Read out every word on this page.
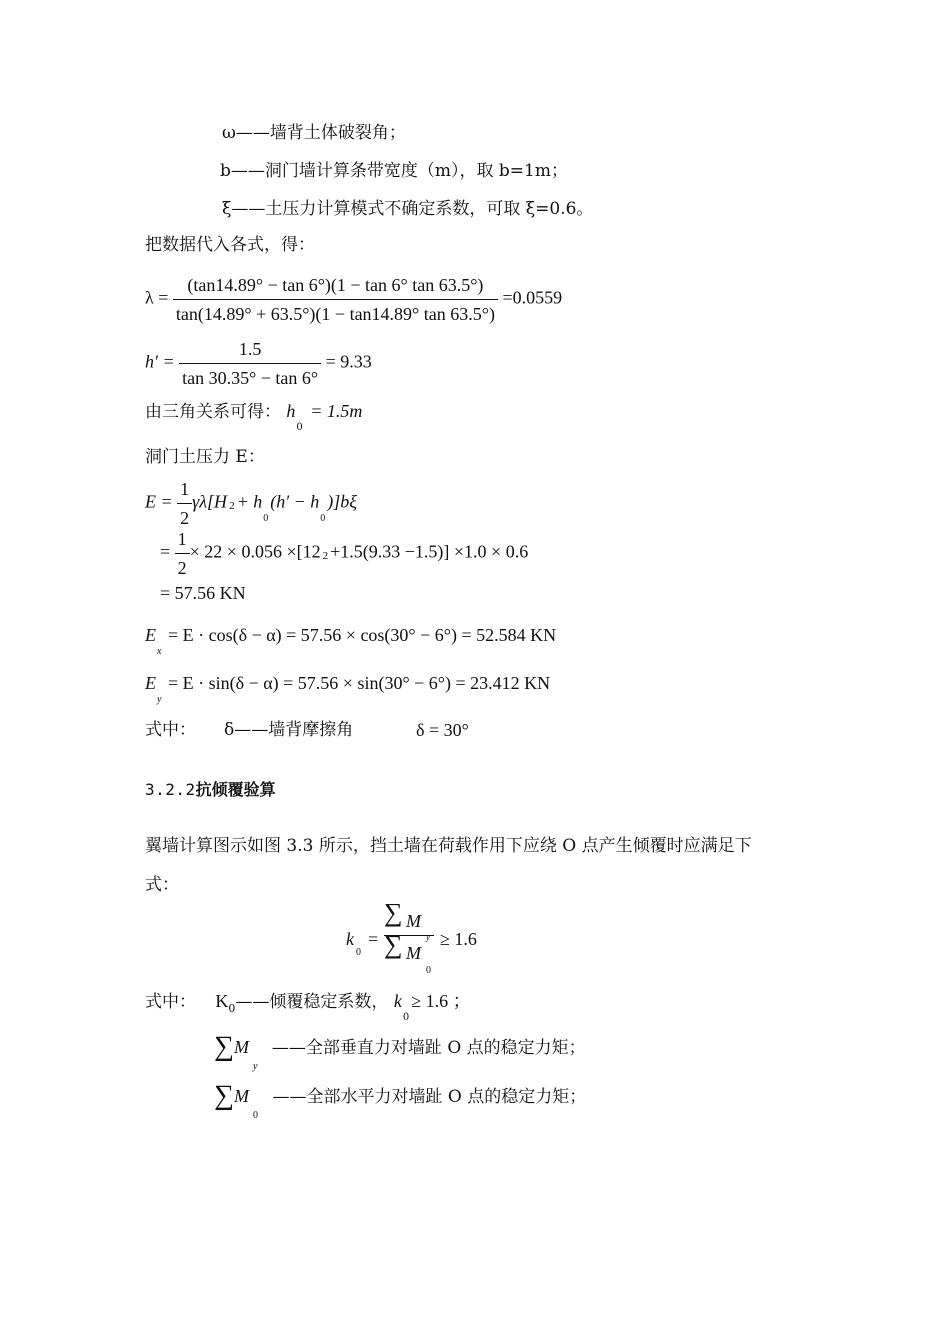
ω——墙背土体破裂角；
b——洞门墙计算条带宽度（m），取 b=1m；
ξ——土压力计算模式不确定系数，可取 ξ=0.6。
把数据代入各式，得：
$\lambda = \frac{(\tan 14.89^\circ - \tan 6^\circ)(1 - \tan 6^\circ \tan 63.5^\circ)}{\tan(14.89^\circ + 63.5^\circ)(1 - \tan 14.89^\circ \tan 63.5^\circ)} =0.0559$
$h' = \frac{1.5}{\tan 30.35^\circ - \tan 6^\circ} = 9.33$
由三角关系可得： $h_0 = 1.5m$
洞门土压力 E：
$E = \frac{1}{2} \gamma\lambda[H$ $2 + h_0(h' - h_0)]b\xi$
= $\frac{1}{2} \times 22 \times 0.056 \times[12$ 2 +1.5(9.33 −1.5)] ×1.0 × 0.6
= 57.56 KN
$E_x = E \cdot \cos(\delta - \alpha) = 57.56 \times \cos(30^\circ - 6^\circ) = 52.584$ KN
$E_y = E \cdot \sin(\delta - \alpha) = 57.56 \times \sin(30^\circ - 6^\circ) = 23.412$ KN
式中： δ——墙背摩擦角	δ = 30°
3.2.2抗倾覆验算
翼墙计算图示如图 3.3 所示，挡土墙在荷载作用下应绕 O 点产生倾覆时应满足下
式：
k
0
=
∑ M
y
∑ M
0
≥ 1.6
式中： $K_0——$倾覆稳定系数， $k_0\ge 1.6$ ；
$\sum M_y$ ——全部垂直力对墙趾 O 点的稳定力矩；
$\sum M_0$ ——全部水平力对墙趾 O 点的稳定力矩；
